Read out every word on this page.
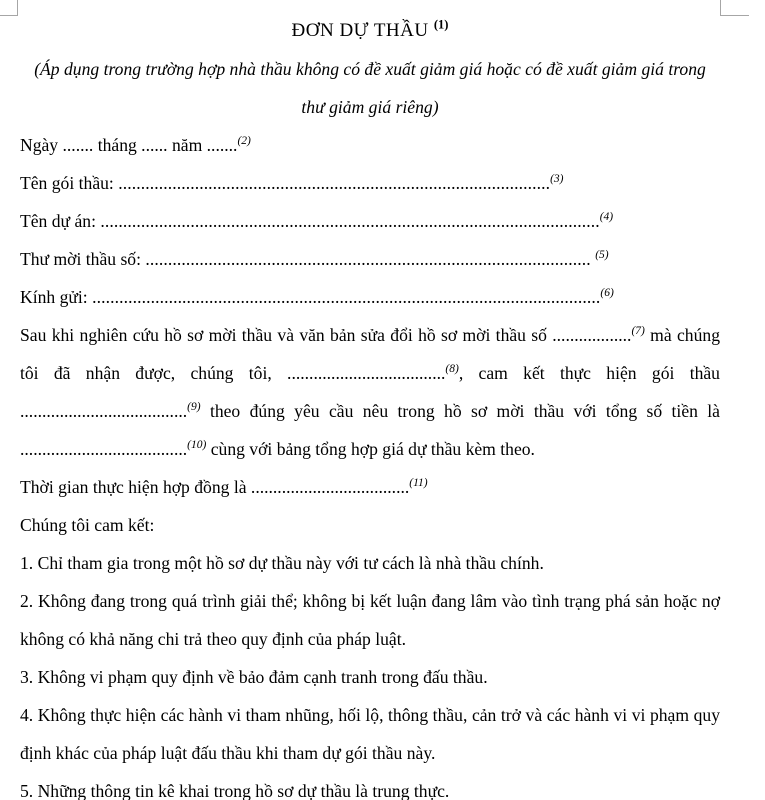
ĐƠN DỰ THẦU $^{(1)}$
(Áp dụng trong trường hợp nhà thầu không có đề xuất giảm giá hoặc có đề xuất giảm giá trong
thư giảm giá riêng)

Ngày ....... tháng ...... năm .......$^{(2)}$

Tên gói thầu: ................................................................................................$^{(3)}$

Tên dự án: ...............................................................................................................$^{(4)}$

Thư mời thầu số: ................................................................................................... $^{(5)}$

Kính gửi: .................................................................................................................$^{(6)}$

Sau khi nghiên cứu hồ sơ mời thầu và văn bản sửa đổi hồ sơ mời thầu số ..................$^{(7)}$ mà chúng tôi đã nhận được, chúng tôi, ....................................$^{(8)}$, cam kết thực hiện gói thầu ......................................$^{(9)}$ theo đúng yêu cầu nêu trong hồ sơ mời thầu với tổng số tiền là ......................................$^{(10)}$ cùng với bảng tổng hợp giá dự thầu kèm theo.

Thời gian thực hiện hợp đồng là ....................................$^{(11)}$

Chúng tôi cam kết:

1. Chỉ tham gia trong một hồ sơ dự thầu này với tư cách là nhà thầu chính.

2. Không đang trong quá trình giải thể; không bị kết luận đang lâm vào tình trạng phá sản hoặc nợ không có khả năng chi trả theo quy định của pháp luật.

3. Không vi phạm quy định về bảo đảm cạnh tranh trong đấu thầu.

4. Không thực hiện các hành vi tham nhũng, hối lộ, thông thầu, cản trở và các hành vi vi phạm quy định khác của pháp luật đấu thầu khi tham dự gói thầu này.

5. Những thông tin kê khai trong hồ sơ dự thầu là trung thực.
